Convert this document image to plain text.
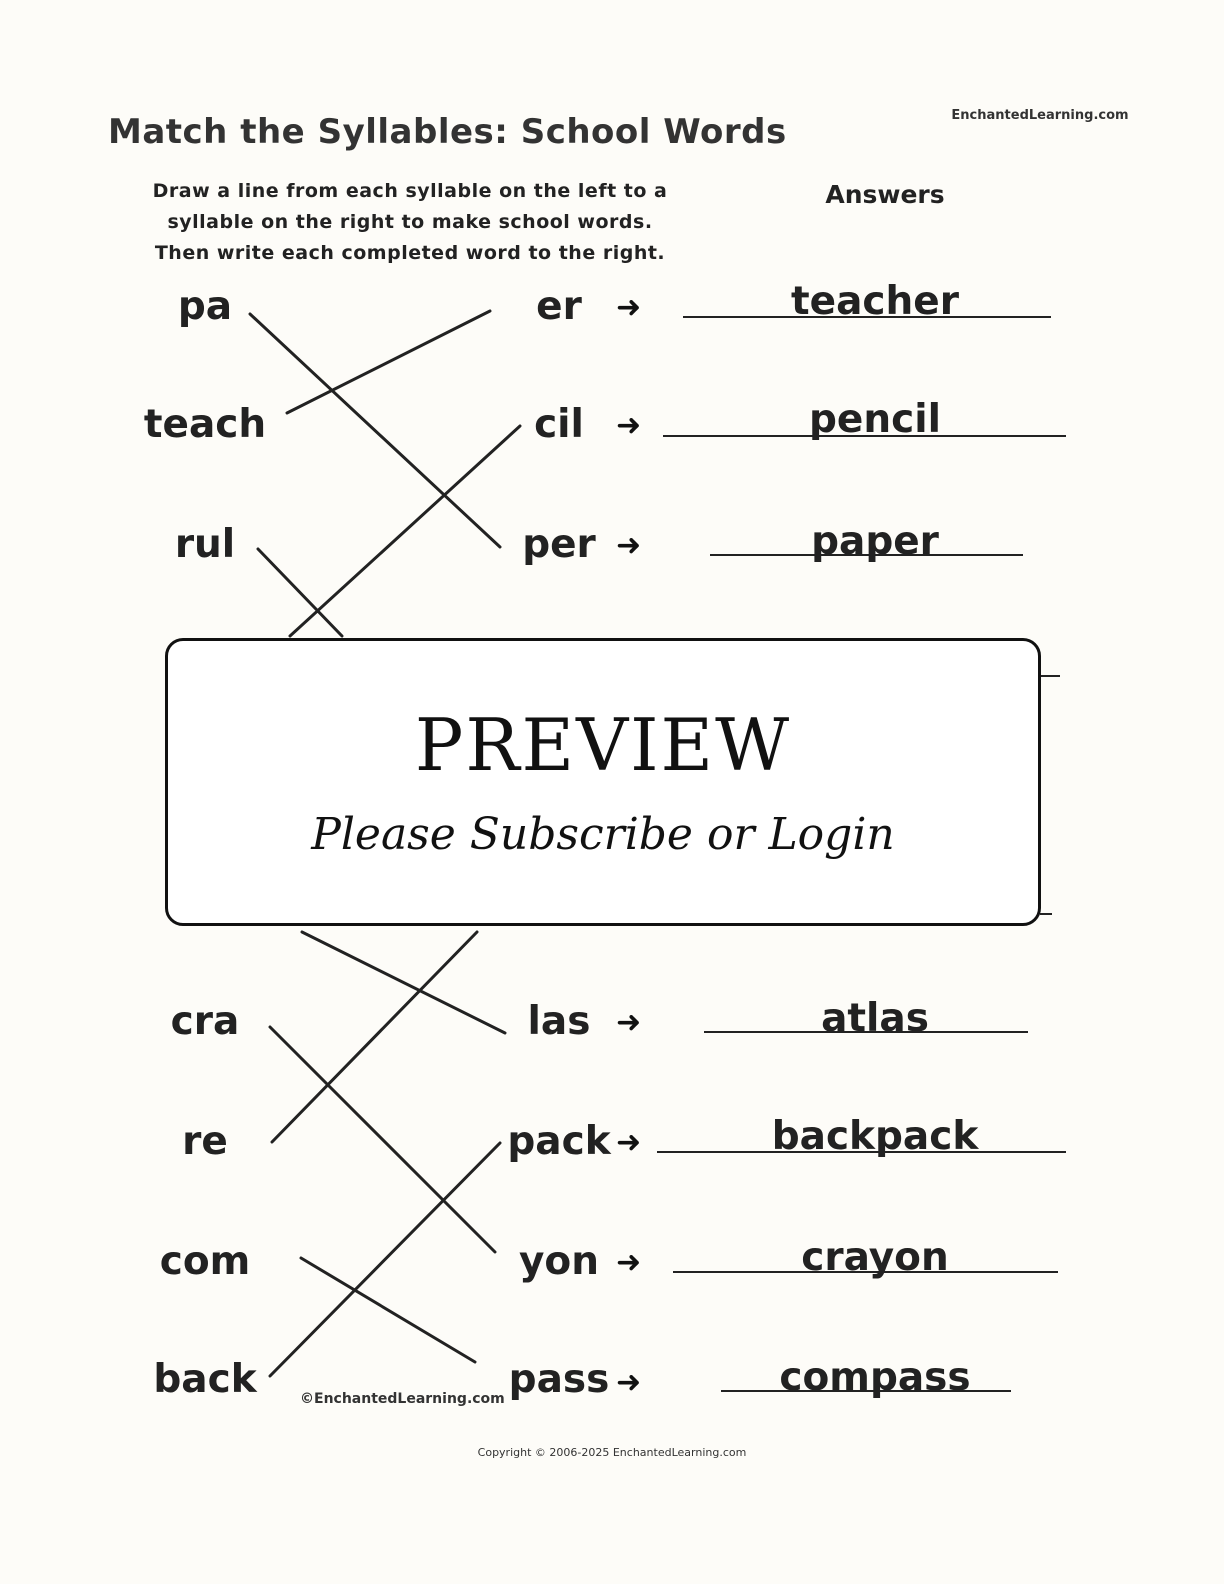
Match the Syllables: School Words	EnchantedLearning.com
Draw a line from each syllable on the left to a
syllable on the right to make school words.
Then write each completed word to the right.
Answers
pa
teach
rul
cra
re
com
back
er
cil
per
las
pack
yon
pass
➜
➜
➜
➜
➜
➜
➜
teacher
pencil
paper
atlas
backpack
crayon
compass
PREVIEW
Please Subscribe or Login
©EnchantedLearning.com
Copyright © 2006-2025 EnchantedLearning.com
